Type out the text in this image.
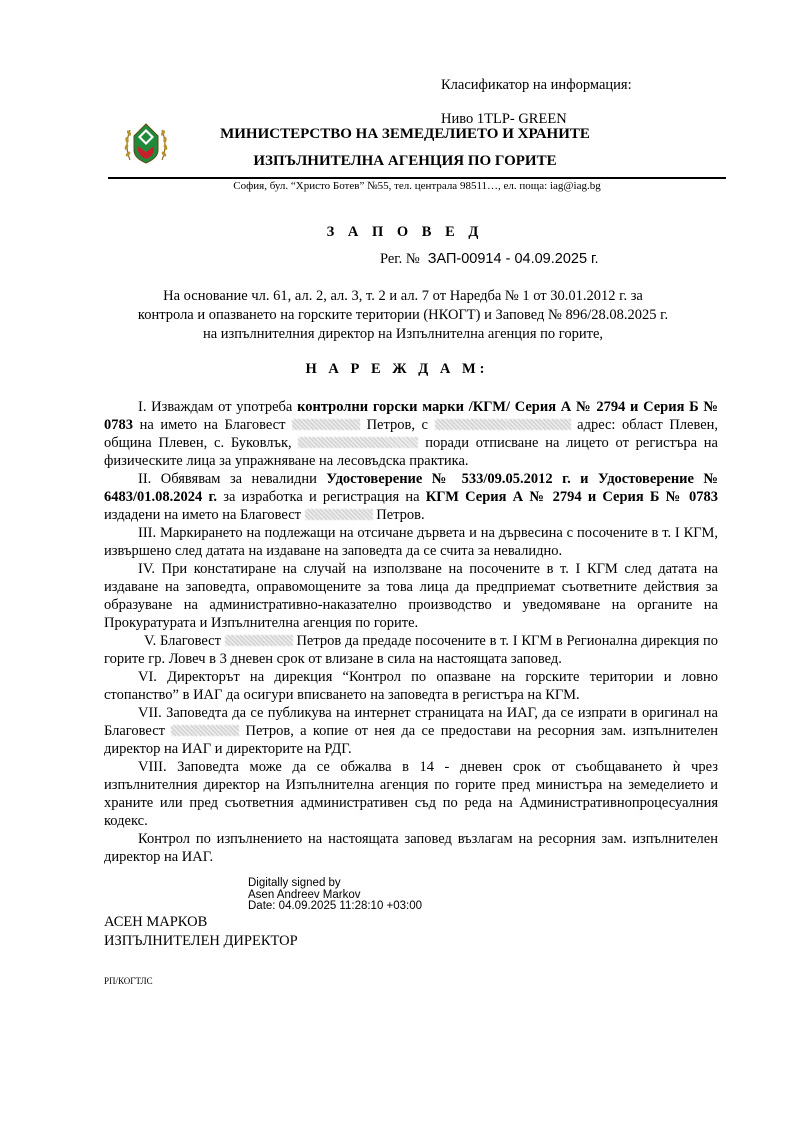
Класификатор на информация:
Ниво 1TLP- GREEN
МИНИСТЕРСТВО НА ЗЕМЕДЕЛИЕТО И ХРАНИТЕ
ИЗПЪЛНИТЕЛНА АГЕНЦИЯ ПО ГОРИТЕ
София, бул. “Христо Ботев” №55, тел. централа 98511…, ел. поща: iag@iag.bg
З А П О В Е Д
Рег. № ЗАП-00914 - 04.09.2025 г.
На основание чл. 61, ал. 2, ал. 3, т. 2 и ал. 7 от Наредба № 1 от 30.01.2012 г. за
контрола и опазването на горските територии (НКОГТ) и Заповед № 896/28.08.2025 г.
на изпълнителния директор на Изпълнителна агенция по горите,
Н А Р Е Ж Д А М:

I. Изваждам от употреба контролни горски марки /КГМ/ Серия А № 2794 и Серия Б № 0783 на името на Благовест	Петров, с	адрес: област Плевен, община Плевен, с. Буковлък,	поради отписване на лицето от регистъра на физическите лица за упражняване на лесовъдска практика.

II. Обявявам за невалидни Удостоверение № 533/09.05.2012 г. и Удостоверение № 6483/01.08.2024 г. за изработка и регистрация на КГМ Серия А № 2794 и Серия Б № 0783 издадени на името на Благовест	Петров.

III. Маркирането на подлежащи на отсичане дървета и на дървесина с посочените в т. I КГМ, извършено след датата на издаване на заповедта да се счита за невалидно.

IV. При констатиране на случай на използване на посочените в т. I КГМ след датата на издаване на заповедта, оправомощените за това лица да предприемат съответните действия за образуване на административно-наказателно производство и уведомяване на органите на Прокуратурата и Изпълнителна агенция по горите.

V. Благовест	Петров да предаде посочените в т. I КГМ в Регионална дирекция по горите гр. Ловеч в 3 дневен срок от влизане в сила на настоящата заповед.

VI. Директорът на дирекция “Контрол по опазване на горските територии и ловно стопанство” в ИАГ да осигури вписването на заповедта в регистъра на КГМ.

VII. Заповедта да се публикува на интернет страницата на ИАГ, да се изпрати в оригинал на Благовест	Петров, а копие от нея да се предостави на ресорния зам. изпълнителен директор на ИАГ и директорите на РДГ.

VIII. Заповедта може да се обжалва в 14 - дневен срок от съобщаването ѝ чрез изпълнителния директор на Изпълнителна агенция по горите пред министъра на земеделието и храните или пред съответния административен съд по реда на Административнопроцесуалния кодекс.

Контрол по изпълнението на настоящата заповед възлагам на ресорния зам. изпълнителен директор на ИАГ.

Digitally signed by
Asen Andreev Markov
Date: 04.09.2025 11:28:10 +03:00
АСЕН МАРКОВ
ИЗПЪЛНИТЕЛЕН ДИРЕКТОР
РП/КОГТЛС
